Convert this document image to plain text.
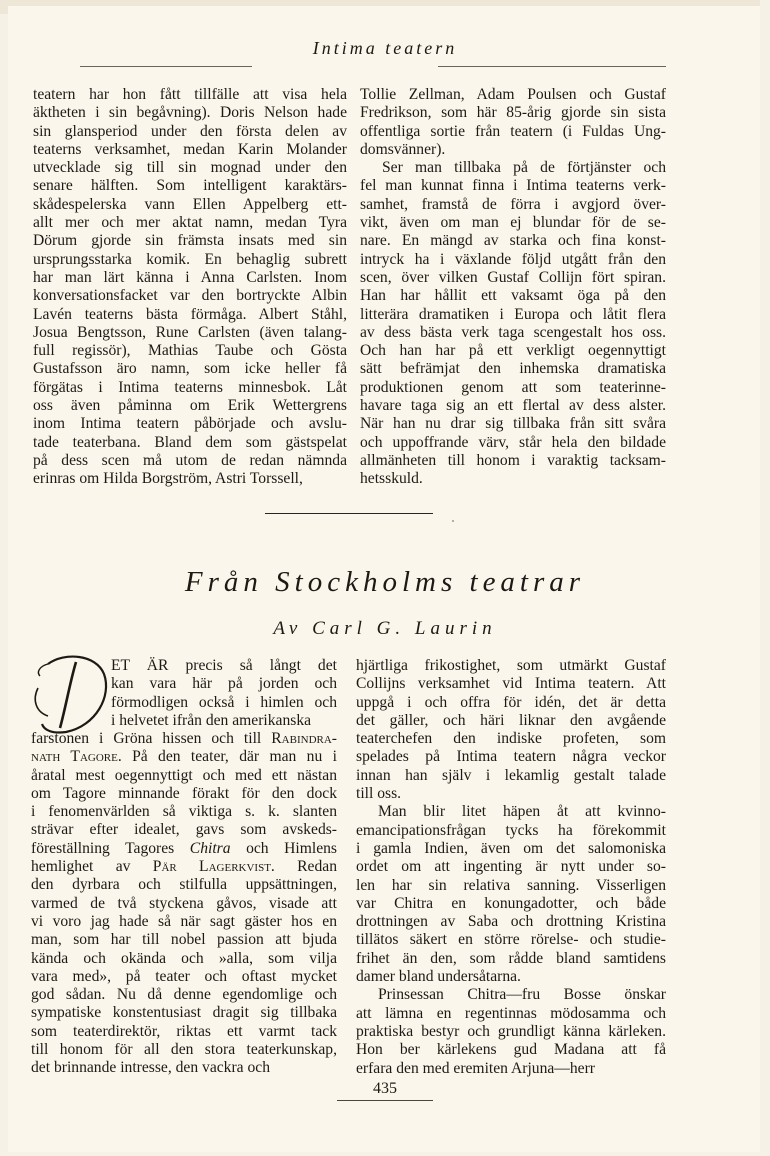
Intima teatern
teatern har hon fått tillfälle att visa hela
äktheten i sin begåvning). Doris Nelson hade
sin glansperiod under den första delen av
teaterns verksamhet, medan Karin Molander
utvecklade sig till sin mognad under den
senare hälften. Som intelligent karaktärs-
skådespelerska vann Ellen Appelberg ett-
allt mer och mer aktat namn, medan Tyra
Dörum gjorde sin främsta insats med sin
ursprungsstarka komik. En behaglig subrett
har man lärt känna i Anna Carlsten. Inom
konversationsfacket var den bortryckte Albin
Lavén teaterns bästa förmåga. Albert Ståhl,
Josua Bengtsson, Rune Carlsten (även talang-
full regissör), Mathias Taube och Gösta
Gustafsson äro namn, som icke heller få
förgätas i Intima teaterns minnesbok. Låt
oss även påminna om Erik Wettergrens
inom Intima teatern påbörjade och avslu-
tade teaterbana. Bland dem som gästspelat
på dess scen må utom de redan nämnda
erinras om Hilda Borgström, Astri Torssell,
Tollie Zellman, Adam Poulsen och Gustaf
Fredrikson, som här 85-årig gjorde sin sista
offentliga sortie från teatern (i Fuldas Ung-
domsvänner).
Ser man tillbaka på de förtjänster och
fel man kunnat finna i Intima teaterns verk-
samhet, framstå de förra i avgjord över-
vikt, även om man ej blundar för de se-
nare. En mängd av starka och fina konst-
intryck ha i växlande följd utgått från den
scen, över vilken Gustaf Collijn fört spiran.
Han har hållit ett vaksamt öga på den
litterära dramatiken i Europa och låtit flera
av dess bästa verk taga scengestalt hos oss.
Och han har på ett verkligt oegennyttigt
sätt befrämjat den inhemska dramatiska
produktionen genom att som teaterinne-
havare taga sig an ett flertal av dess alster.
När han nu drar sig tillbaka från sitt svåra
och uppoffrande värv, står hela den bildade
allmänheten till honom i varaktig tacksam-
hetsskuld.
Från Stockholms teatrar
Av Carl G. Laurin
D
ET ÄR precis så långt det
kan vara här på jorden och
förmodligen också i himlen och
i helvetet ifrån den amerikanska
farstonen i Gröna hissen och till Rabindra-
nath Tagore. På den teater, där man nu i
åratal mest oegennyttigt och med ett nästan
om Tagore minnande förakt för den dock
i fenomenvärlden så viktiga s. k. slanten
strävar efter idealet, gavs som avskeds-
föreställning Tagores Chitra och Himlens
hemlighet av Pär Lagerkvist. Redan
den dyrbara och stilfulla uppsättningen,
varmed de två styckena gåvos, visade att
vi voro jag hade så när sagt gäster hos en
man, som har till nobel passion att bjuda
kända och okända och »alla, som vilja
vara med», på teater och oftast mycket
god sådan. Nu då denne egendomlige och
sympatiske konstentusiast dragit sig tillbaka
som teaterdirektör, riktas ett varmt tack
till honom för all den stora teaterkunskap,
det brinnande intresse, den vackra och
hjärtliga frikostighet, som utmärkt Gustaf
Collijns verksamhet vid Intima teatern. Att
uppgå i och offra för idén, det är detta
det gäller, och häri liknar den avgående
teaterchefen den indiske profeten, som
spelades på Intima teatern några veckor
innan han själv i lekamlig gestalt talade
till oss.
Man blir litet häpen åt att kvinno-
emancipationsfrågan tycks ha förekommit
i gamla Indien, även om det salomoniska
ordet om att ingenting är nytt under so-
len har sin relativa sanning. Visserligen
var Chitra en konungadotter, och både
drottningen av Saba och drottning Kristina
tillätos säkert en större rörelse- och studie-
frihet än den, som rådde bland samtidens
damer bland undersåtarna.
Prinsessan Chitra—fru Bosse önskar
att lämna en regentinnas mödosamma och
praktiska bestyr och grundligt känna kärleken.
Hon ber kärlekens gud Madana att få
erfara den med eremiten Arjuna—herr
435
